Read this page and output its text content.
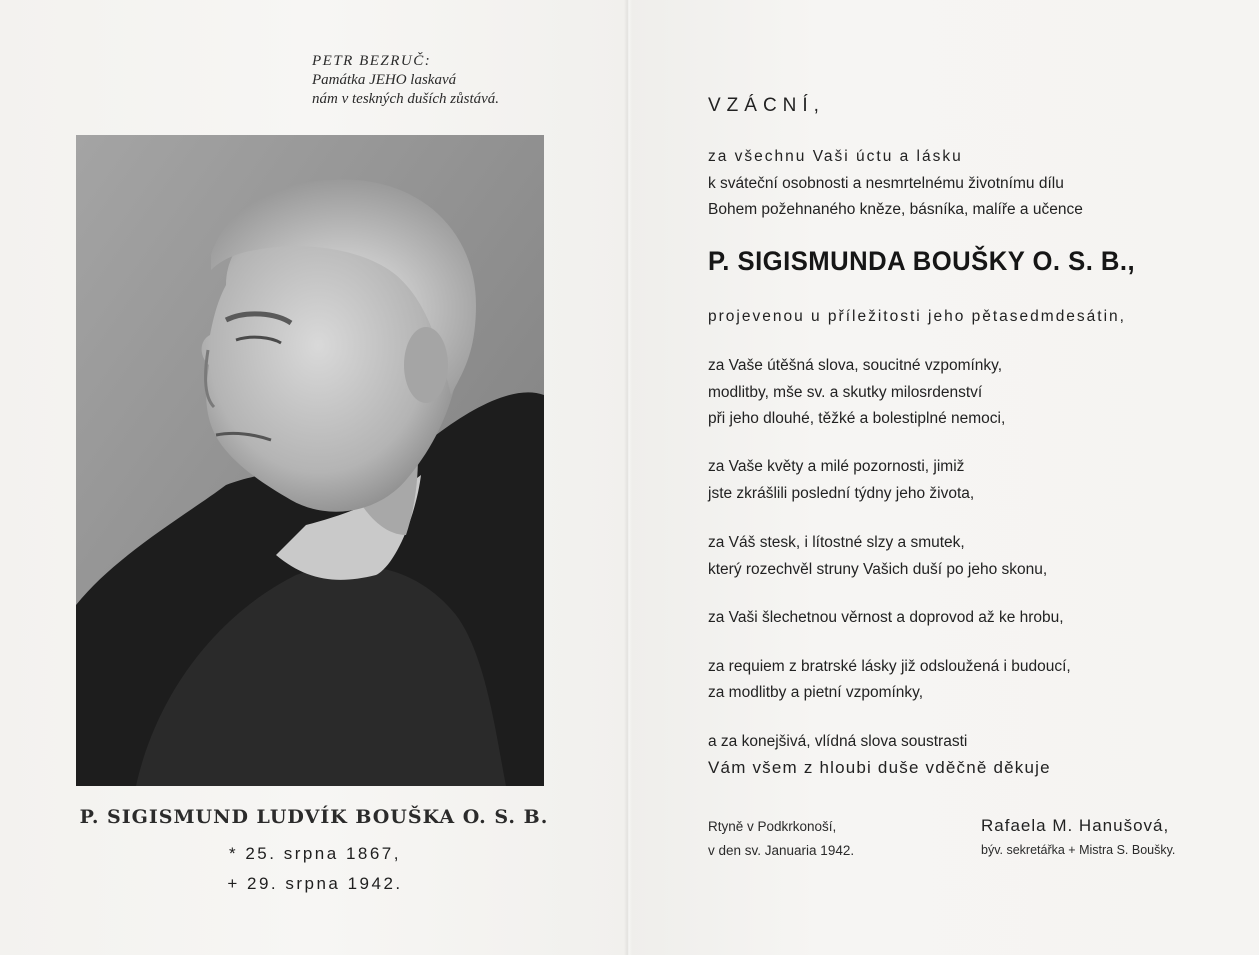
PETR BEZRUČ:
Památka JEHO laskavá
nám v teskných duších zůstává.
P. SIGISMUND LUDVÍK BOUŠKA O. S. B.
* 25. srpna 1867,
+ 29. srpna 1942.
VZÁCNÍ,
za všechnu Vaši úctu a lásku
k sváteční osobnosti a nesmrtelnému životnímu dílu
Bohem požehnaného kněze, básníka, malíře a učence
P. SIGISMUNDA BOUŠKY O. S. B.,
projevenou u příležitosti jeho pětasedmdesátin,
za Vaše útěšná slova, soucitné vzpomínky,
modlitby, mše sv. a skutky milosrdenství
při jeho dlouhé, těžké a bolestiplné nemoci,
za Vaše květy a milé pozornosti, jimiž
jste zkrášlili poslední týdny jeho života,
za Váš stesk, i lítostné slzy a smutek,
který rozechvěl struny Vašich duší po jeho skonu,
za Vaši šlechetnou věrnost a doprovod až ke hrobu,
za requiem z bratrské lásky již odsloužená i budoucí,
za modlitby a pietní vzpomínky,
a za konejšivá, vlídná slova soustrasti
Vám všem z hloubi duše vděčně děkuje
Rtyně v Podkrkonoší,
v den sv. Januaria 1942.
Rafaela M. Hanušová,
býv. sekretářka + Mistra S. Boušky.
